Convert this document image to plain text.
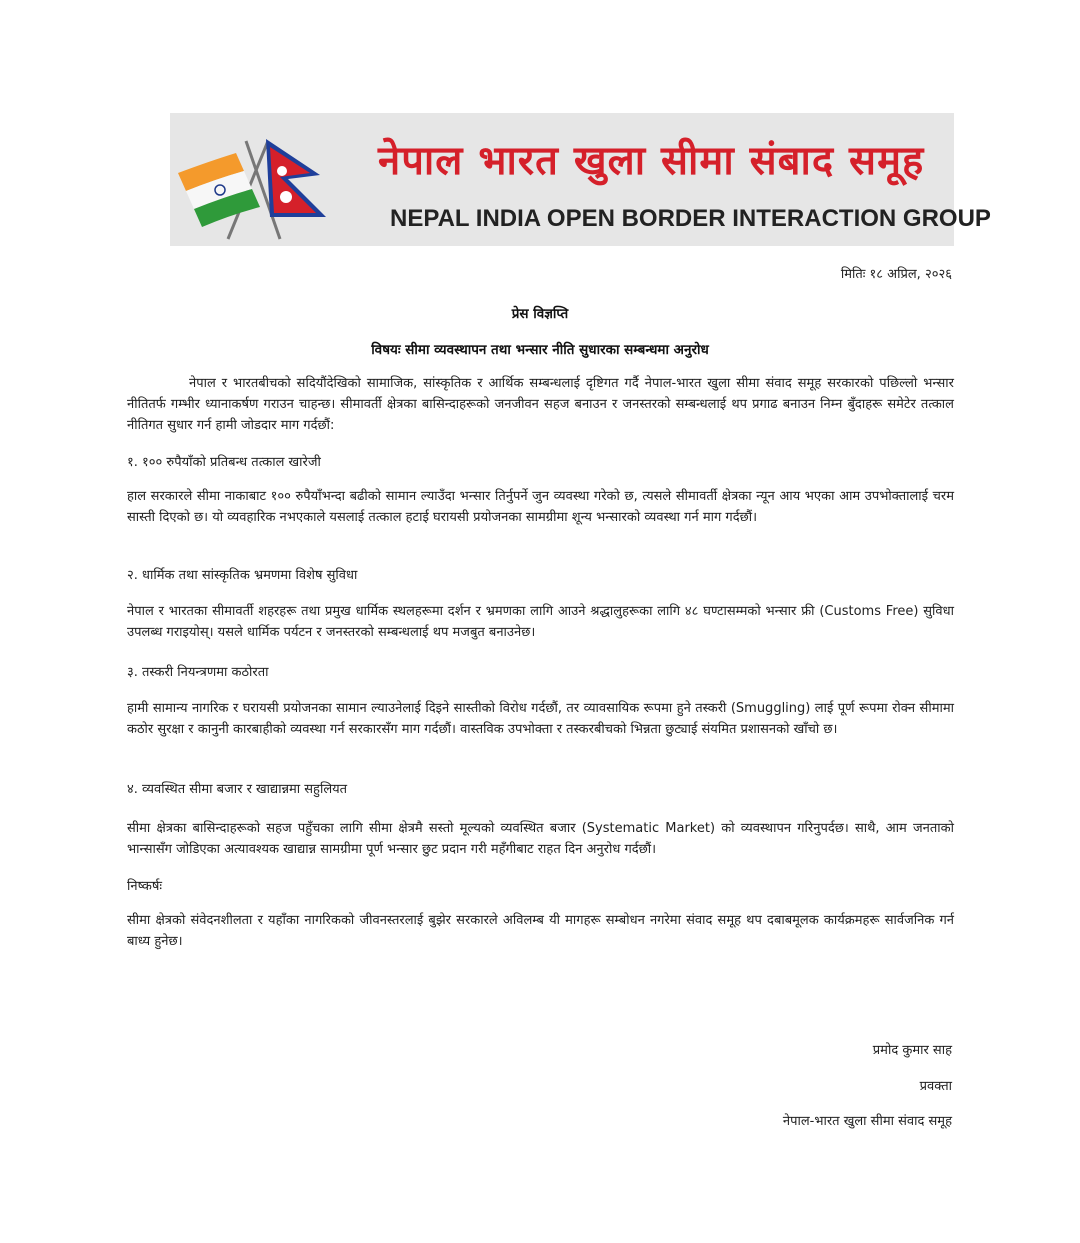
नेपाल भारत खुला सीमा संबाद समूह
NEPAL INDIA OPEN BORDER INTERACTION GROUP
मितिः १८ अप्रिल, २०२६
प्रेस विज्ञप्ति
विषयः सीमा व्यवस्थापन तथा भन्सार नीति सुधारका सम्बन्धमा अनुरोध
नेपाल र भारतबीचको सदियौंदेखिको सामाजिक, सांस्कृतिक र आर्थिक सम्बन्धलाई दृष्टिगत गर्दै नेपाल-भारत खुला सीमा संवाद समूह सरकारको पछिल्लो भन्सार नीतितर्फ गम्भीर ध्यानाकर्षण गराउन चाहन्छ। सीमावर्ती क्षेत्रका बासिन्दाहरूको जनजीवन सहज बनाउन र जनस्तरको सम्बन्धलाई थप प्रगाढ बनाउन निम्न बुँदाहरू समेटेर तत्काल नीतिगत सुधार गर्न हामी जोडदार माग गर्दछौं:
१. १०० रुपैयाँको प्रतिबन्ध तत्काल खारेजी
हाल सरकारले सीमा नाकाबाट १०० रुपैयाँभन्दा बढीको सामान ल्याउँदा भन्सार तिर्नुपर्ने जुन व्यवस्था गरेको छ, त्यसले सीमावर्ती क्षेत्रका न्यून आय भएका आम उपभोक्तालाई चरम सास्ती दिएको छ। यो व्यवहारिक नभएकाले यसलाई तत्काल हटाई घरायसी प्रयोजनका सामग्रीमा शून्य भन्सारको व्यवस्था गर्न माग गर्दछौं।
२. धार्मिक तथा सांस्कृतिक भ्रमणमा विशेष सुविधा
नेपाल र भारतका सीमावर्ती शहरहरू तथा प्रमुख धार्मिक स्थलहरूमा दर्शन र भ्रमणका लागि आउने श्रद्धालुहरूका लागि ४८ घण्टासम्मको भन्सार फ्री (Customs Free) सुविधा उपलब्ध गराइयोस्। यसले धार्मिक पर्यटन र जनस्तरको सम्बन्धलाई थप मजबुत बनाउनेछ।
३. तस्करी नियन्त्रणमा कठोरता
हामी सामान्य नागरिक र घरायसी प्रयोजनका सामान ल्याउनेलाई दिइने सास्तीको विरोध गर्दछौं, तर व्यावसायिक रूपमा हुने तस्करी (Smuggling) लाई पूर्ण रूपमा रोक्न सीमामा कठोर सुरक्षा र कानुनी कारबाहीको व्यवस्था गर्न सरकारसँग माग गर्दछौं। वास्तविक उपभोक्ता र तस्करबीचको भिन्नता छुट्याई संयमित प्रशासनको खाँचो छ।
४. व्यवस्थित सीमा बजार र खाद्यान्नमा सहुलियत
सीमा क्षेत्रका बासिन्दाहरूको सहज पहुँचका लागि सीमा क्षेत्रमै सस्तो मूल्यको व्यवस्थित बजार (Systematic Market) को व्यवस्थापन गरिनुपर्दछ। साथै, आम जनताको भान्सासँग जोडिएका अत्यावश्यक खाद्यान्न सामग्रीमा पूर्ण भन्सार छुट प्रदान गरी महँगीबाट राहत दिन अनुरोध गर्दछौं।
निष्कर्षः
सीमा क्षेत्रको संवेदनशीलता र यहाँका नागरिकको जीवनस्तरलाई बुझेर सरकारले अविलम्ब यी मागहरू सम्बोधन नगरेमा संवाद समूह थप दबाबमूलक कार्यक्रमहरू सार्वजनिक गर्न बाध्य हुनेछ।
प्रमोद कुमार साह
प्रवक्ता
नेपाल-भारत खुला सीमा संवाद समूह
